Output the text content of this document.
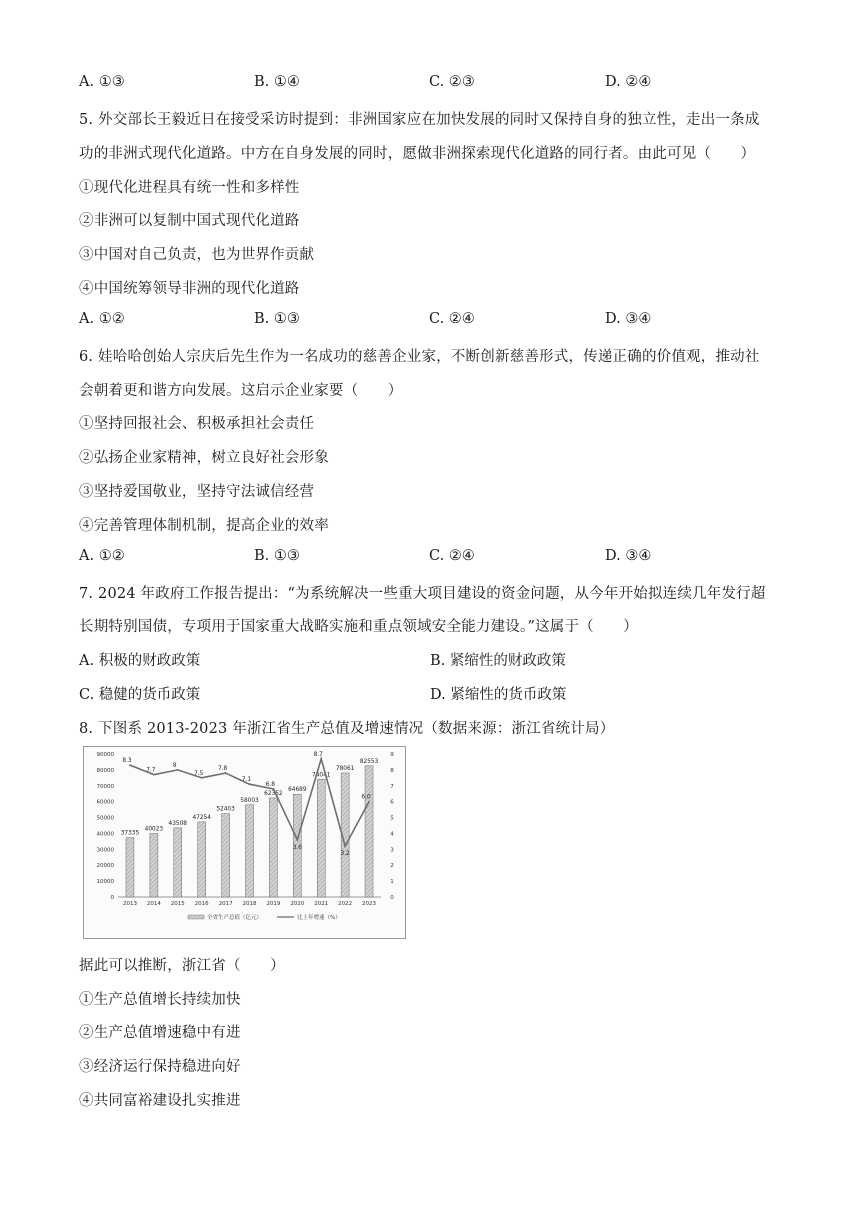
A. ①③	B. ①④	C. ②③	D. ②④
5. 外交部长王毅近日在接受采访时提到：非洲国家应在加快发展的同时又保持自身的独立性，走出一条成
功的非洲式现代化道路。中方在自身发展的同时，愿做非洲探索现代化道路的同行者。由此可见（　　）
①现代化进程具有统一性和多样性
②非洲可以复制中国式现代化道路
③中国对自己负责，也为世界作贡献
④中国统筹领导非洲的现代化道路
A. ①②	B. ①③	C. ②④	D. ③④
6. 娃哈哈创始人宗庆后先生作为一名成功的慈善企业家，不断创新慈善形式，传递正确的价值观，推动社
会朝着更和谐方向发展。这启示企业家要（　　）
①坚持回报社会、积极承担社会责任
②弘扬企业家精神，树立良好社会形象
③坚持爱国敬业，坚持守法诚信经营
④完善管理体制机制，提高企业的效率
A. ①②	B. ①③	C. ②④	D. ③④
7. 2024 年政府工作报告提出：“为系统解决一些重大项目建设的资金问题，从今年开始拟连续几年发行超
长期特别国债，专项用于国家重大战略实施和重点领域安全能力建设。”这属于（　　）
A. 积极的财政政策	B. 紧缩性的财政政策
C. 稳健的货币政策	D. 紧缩性的货币政策
8. 下图系 2013-2023 年浙江省生产总值及增速情况（数据来源：浙江省统计局）
0
10000
20000
30000
40000
50000
60000
70000
80000
90000
0
1
2
3
4
5
6
7
8
9
37335
2013
40023
2014
43508
2015
47254
2016
52403
2017
58003
2018
62352
2019
64689
2020
74041
2021
78061
2022
82553
2023
8.3
7.7
8
7.5
7.8
7.1
6.8
3.6
8.7
3.2
6.0
全省生产总值（亿元）	比上年增速（%）
据此可以推断，浙江省（　　）
①生产总值增长持续加快
②生产总值增速稳中有进
③经济运行保持稳进向好
④共同富裕建设扎实推进
